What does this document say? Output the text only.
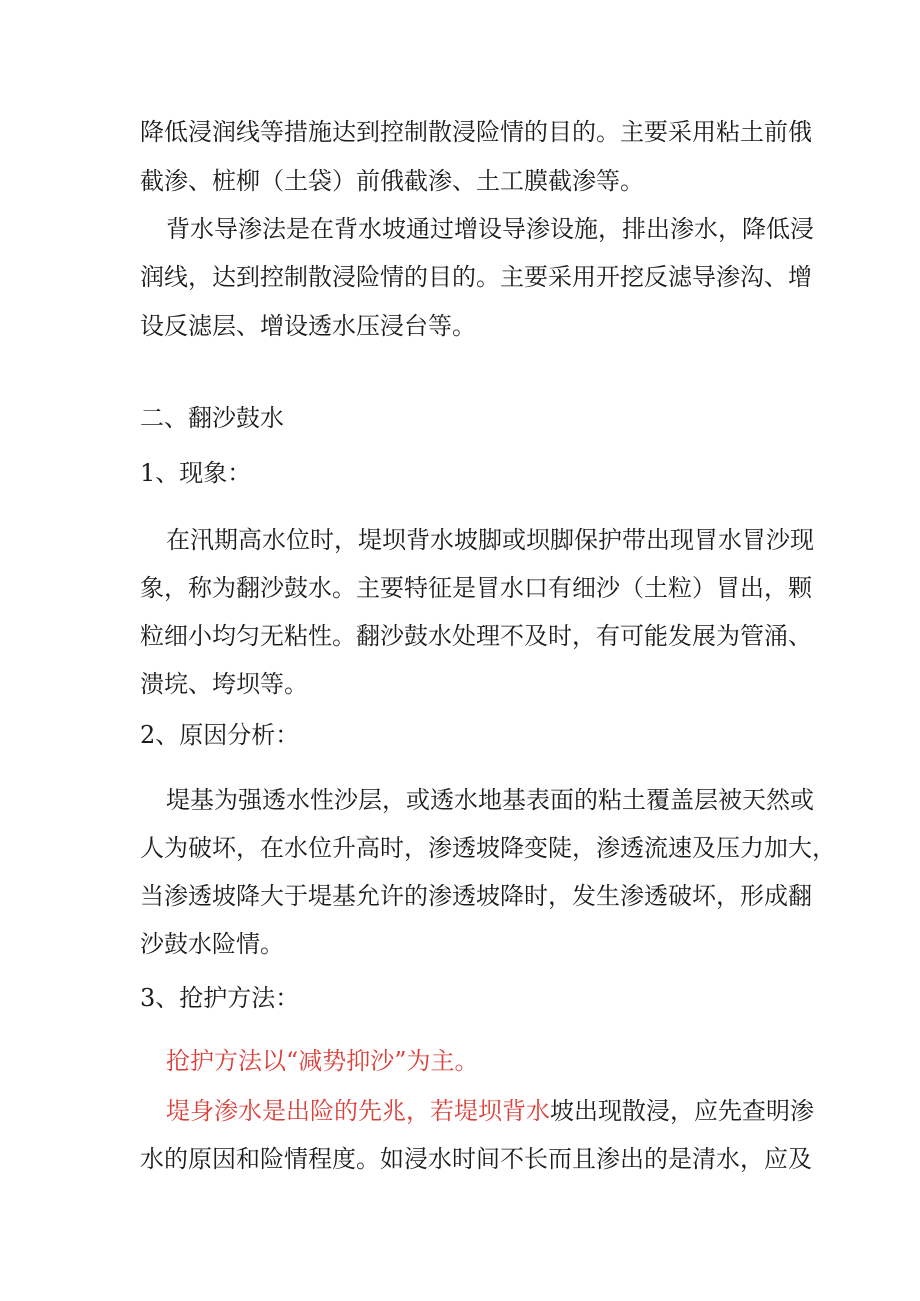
降低浸润线等措施达到控制散浸险情的目的。主要采用粘土前俄
截渗、桩柳（土袋）前俄截渗、土工膜截渗等。
背水导渗法是在背水坡通过增设导渗设施，排出渗水，降低浸
润线，达到控制散浸险情的目的。主要采用开挖反滤导渗沟、增
设反滤层、增设透水压浸台等。
二、翻沙鼓水
1、现象：
在汛期高水位时，堤坝背水坡脚或坝脚保护带出现冒水冒沙现
象，称为翻沙鼓水。主要特征是冒水口有细沙（土粒）冒出，颗
粒细小均匀无粘性。翻沙鼓水处理不及时，有可能发展为管涌、
溃垸、垮坝等。
2、原因分析：
堤基为强透水性沙层，或透水地基表面的粘土覆盖层被天然或
人为破坏，在水位升高时，渗透坡降变陡，渗透流速及压力加大，
当渗透坡降大于堤基允许的渗透坡降时，发生渗透破坏，形成翻
沙鼓水险情。
3、抢护方法：
抢护方法以“减势抑沙”为主。
堤身渗水是出险的先兆，若堤坝背水坡出现散浸，应先查明渗
水的原因和险情程度。如浸水时间不长而且渗出的是清水，应及
